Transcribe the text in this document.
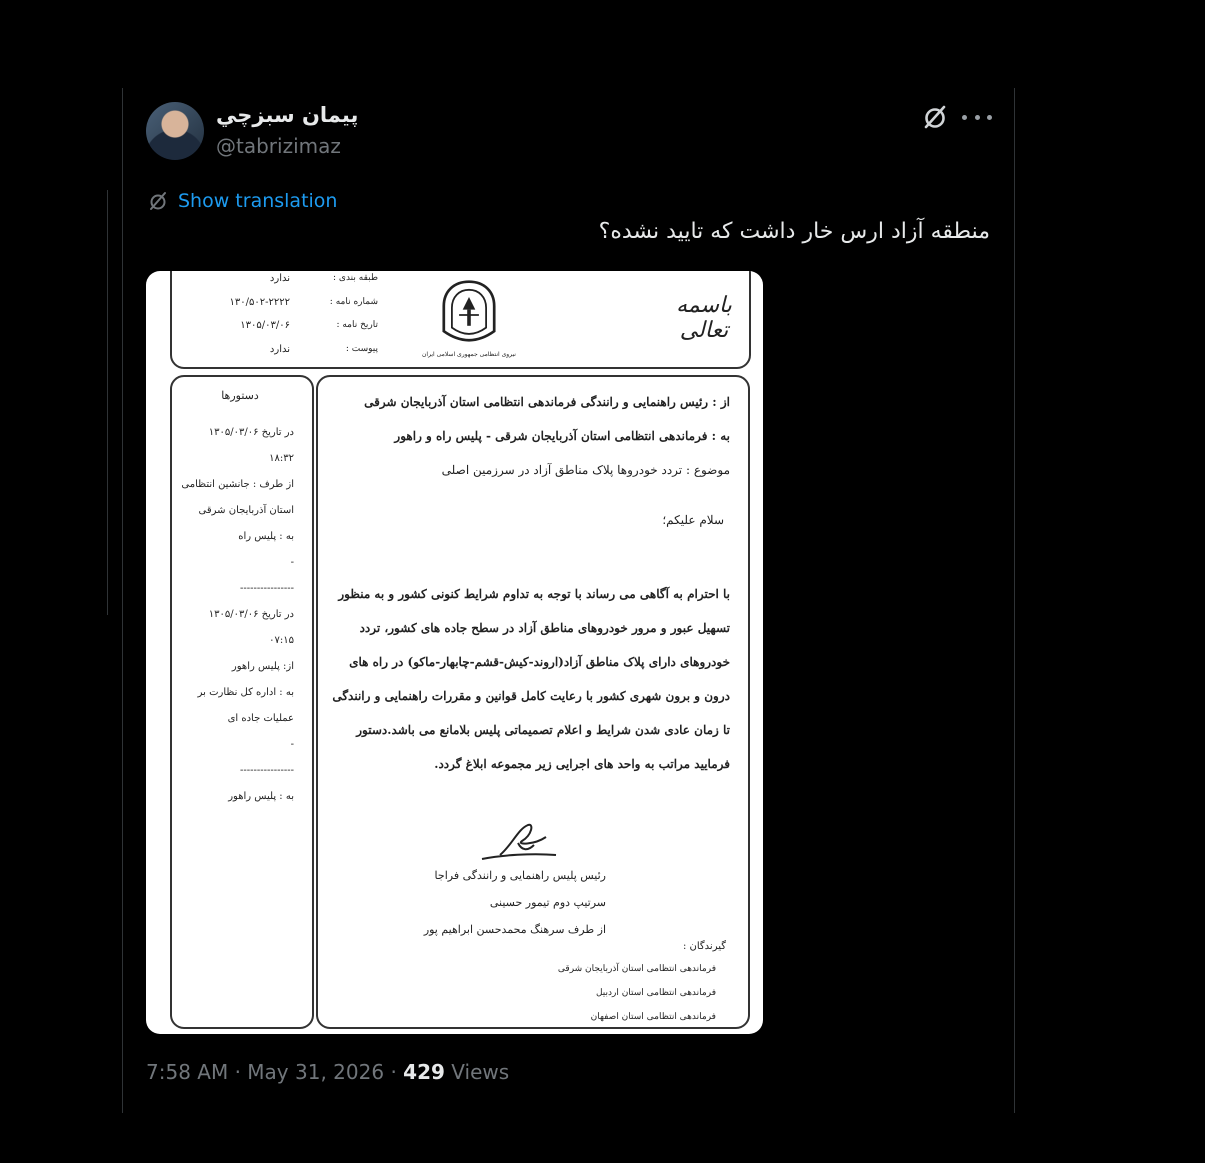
پیمان سبزچي
@tabrizimaz
Show translation
منطقه آزاد ارس خار داشت که تایید نشده؟
باسمه تعالی
نیروی انتظامی جمهوری اسلامی ایران
طبقه بندی :
شماره نامه :
تاریخ نامه :
پیوست :
ندارد
۱۳۰/۵۰۲-۲۲۲۲
۱۳۰۵/۰۳/۰۶
ندارد
از : رئیس راهنمایی و رانندگی فرماندهی انتظامی استان آذربایجان شرقی
به : فرماندهی انتظامی استان آذربایجان شرقی - پلیس راه و راهور
موضوع : تردد خودروها پلاک مناطق آزاد در سرزمین اصلی
سلام علیکم؛
با احترام به آگاهی می رساند با توجه به تداوم شرایط کنونی کشور و به منظور
تسهیل عبور و مرور خودروهای مناطق آزاد در سطح جاده های کشور، تردد
خودروهای دارای پلاک مناطق آزاد(اروند-کیش-قشم-چابهار-ماکو) در راه های
درون و برون شهری کشور با رعایت کامل قوانین و مقررات راهنمایی و رانندگی
تا زمان عادی شدن شرایط و اعلام تصمیماتی پلیس بلامانع می باشد.دستور
فرمایید مراتب به واحد های اجرایی زیر مجموعه ابلاغ گردد.
رئیس پلیس راهنمایی و رانندگی فراجا
سرتیپ دوم تیمور حسینی
از طرف سرهنگ محمدحسن ابراهیم پور
گیرندگان :
فرماندهی انتظامی استان آذربایجان شرقی
فرماندهی انتظامی استان اردبیل
فرماندهی انتظامی استان اصفهان
دستورها
در تاریخ ۱۳۰۵/۰۳/۰۶
۱۸:۳۲
از طرف : جانشین انتظامی
استان آذربایجان شرقی
به : پلیس راه
-
----------------
در تاریخ ۱۳۰۵/۰۳/۰۶
۰۷:۱۵
از: پلیس راهور
به : اداره کل نظارت بر
عملیات جاده ای
-
----------------
به : پلیس راهور
7:58 AM · May 31, 2026 · 429 Views
